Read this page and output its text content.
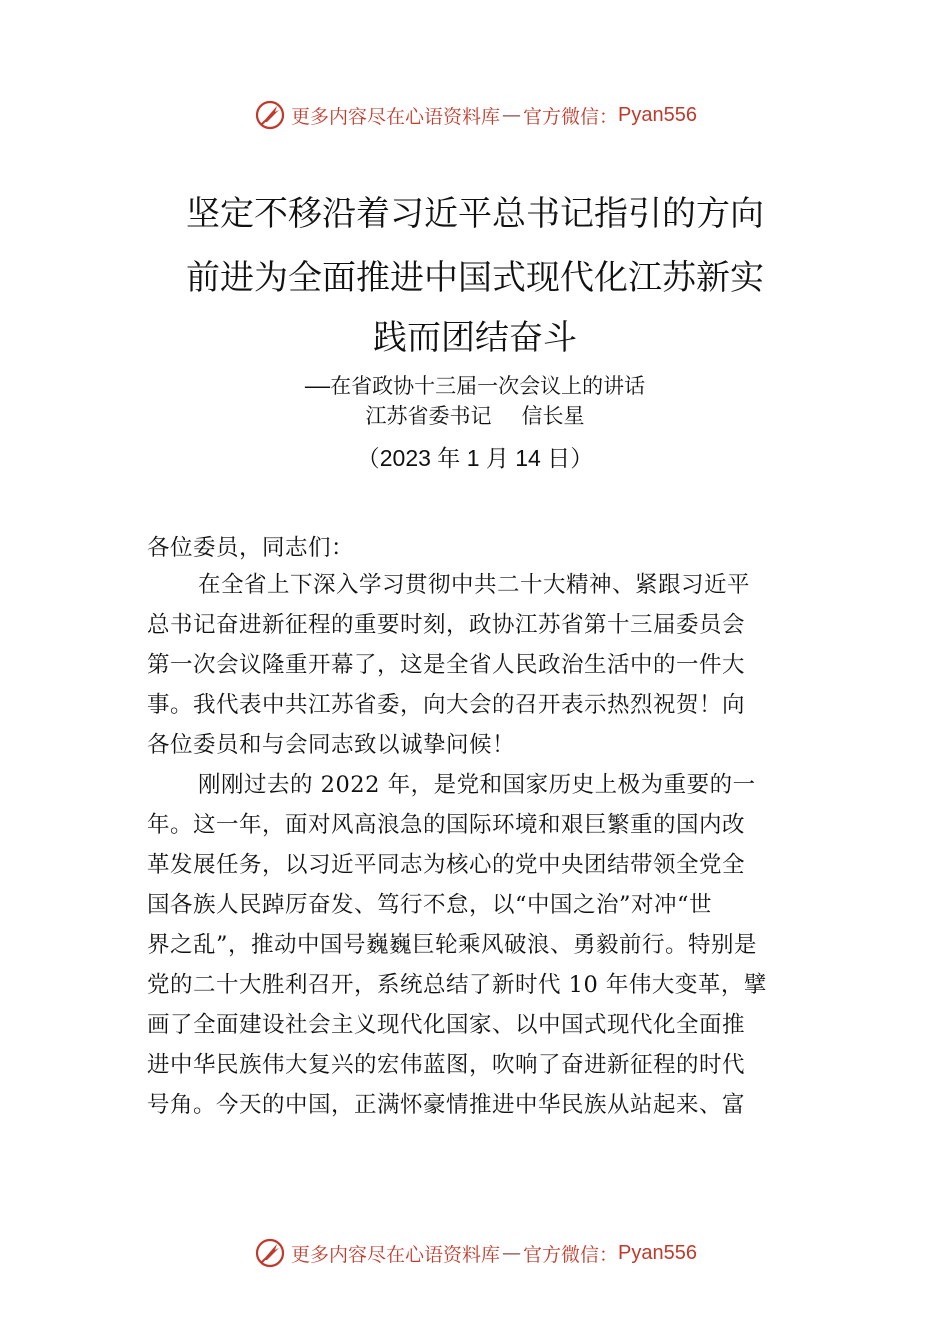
更多内容尽在心语资料库 — 官方微信： Pyan556
坚定不移沿着习近平总书记指引的方向
前进为全面推进中国式现代化江苏新实
践而团结奋斗
——在省政协十三届一次会议上的讲话
江苏省委书记 信长星
（2023 年 1 月 14 日）
各位委员，同志们：
在全省上下深入学习贯彻中共二十大精神、紧跟习近平
总书记奋进新征程的重要时刻，政协江苏省第十三届委员会
第一次会议隆重开幕了，这是全省人民政治生活中的一件大
事。我代表中共江苏省委，向大会的召开表示热烈祝贺！向
各位委员和与会同志致以诚挚问候！
刚刚过去的 2022 年，是党和国家历史上极为重要的一
年。这一年，面对风高浪急的国际环境和艰巨繁重的国内改
革发展任务，以习近平同志为核心的党中央团结带领全党全
国各族人民踔厉奋发、笃行不怠，以“中国之治”对冲“世
界之乱”，推动中国号巍巍巨轮乘风破浪、勇毅前行。特别是
党的二十大胜利召开，系统总结了新时代 10 年伟大变革，擘
画了全面建设社会主义现代化国家、以中国式现代化全面推
进中华民族伟大复兴的宏伟蓝图，吹响了奋进新征程的时代
号角。今天的中国，正满怀豪情推进中华民族从站起来、富
更多内容尽在心语资料库 — 官方微信： Pyan556
